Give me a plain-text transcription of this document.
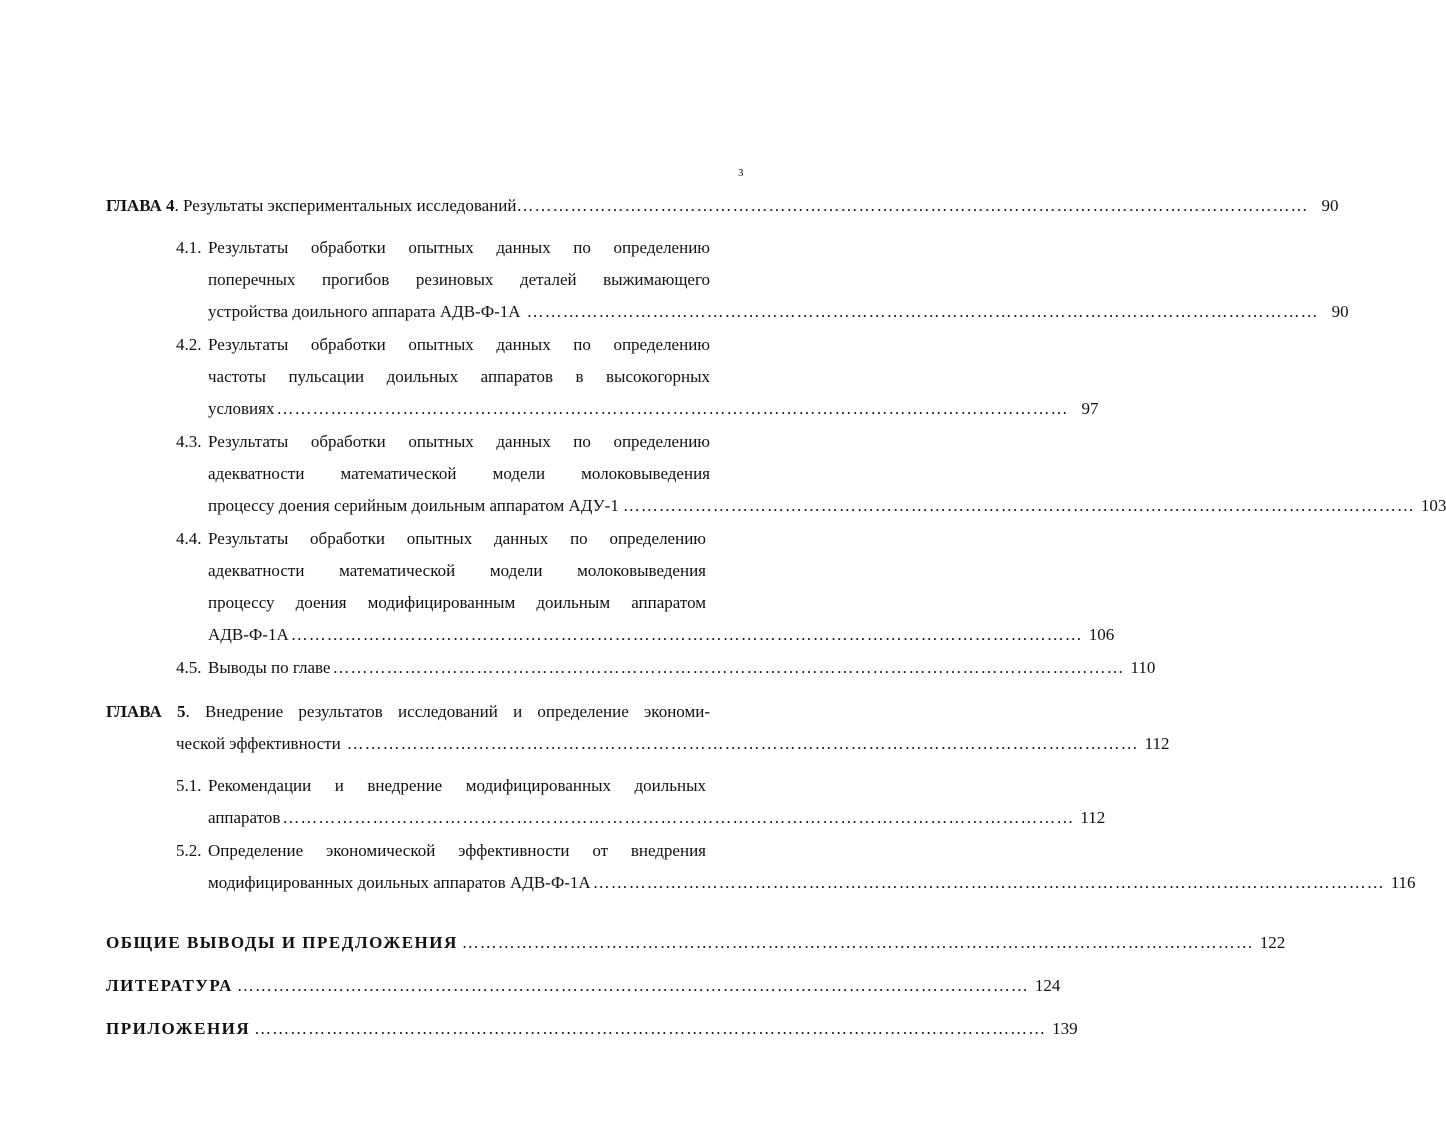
3
ГЛАВА 4. Результаты экспериментальных исследований …………………………………………………………………………………………………………………… 90
4.1. Результаты обработки опытных данных по определению
поперечных прогибов резиновых деталей выжимающего
устройства доильного аппарата АДВ-Ф-1А …………………………………………………………………………………………………………………… 90
4.2. Результаты обработки опытных данных по определению
частоты пульсации доильных аппаратов в высокогорных
условиях …………………………………………………………………………………………………………………… 97
4.3. Результаты обработки опытных данных по определению
адекватности математической модели молоковыведения
процессу доения серийным доильным аппаратом АДУ-1 …………………………………………………………………………………………………………………… 103
4.4. Результаты обработки опытных данных по определению
адекватности математической модели молоковыведения
процессу доения модифицированным доильным аппаратом
АДВ-Ф-1А …………………………………………………………………………………………………………………… 106
4.5. Выводы по главе …………………………………………………………………………………………………………………… 110
ГЛАВА 5. Внедрение результатов исследований и определение экономи-
ческой эффективности …………………………………………………………………………………………………………………… 112
5.1. Рекомендации и внедрение модифицированных доильных
аппаратов …………………………………………………………………………………………………………………… 112
5.2. Определение экономической эффективности от внедрения
модифицированных доильных аппаратов АДВ-Ф-1А …………………………………………………………………………………………………………………… 116
ОБЩИЕ ВЫВОДЫ И ПРЕДЛОЖЕНИЯ …………………………………………………………………………………………………………………… 122
ЛИТЕРАТУРА …………………………………………………………………………………………………………………… 124
ПРИЛОЖЕНИЯ …………………………………………………………………………………………………………………… 139
